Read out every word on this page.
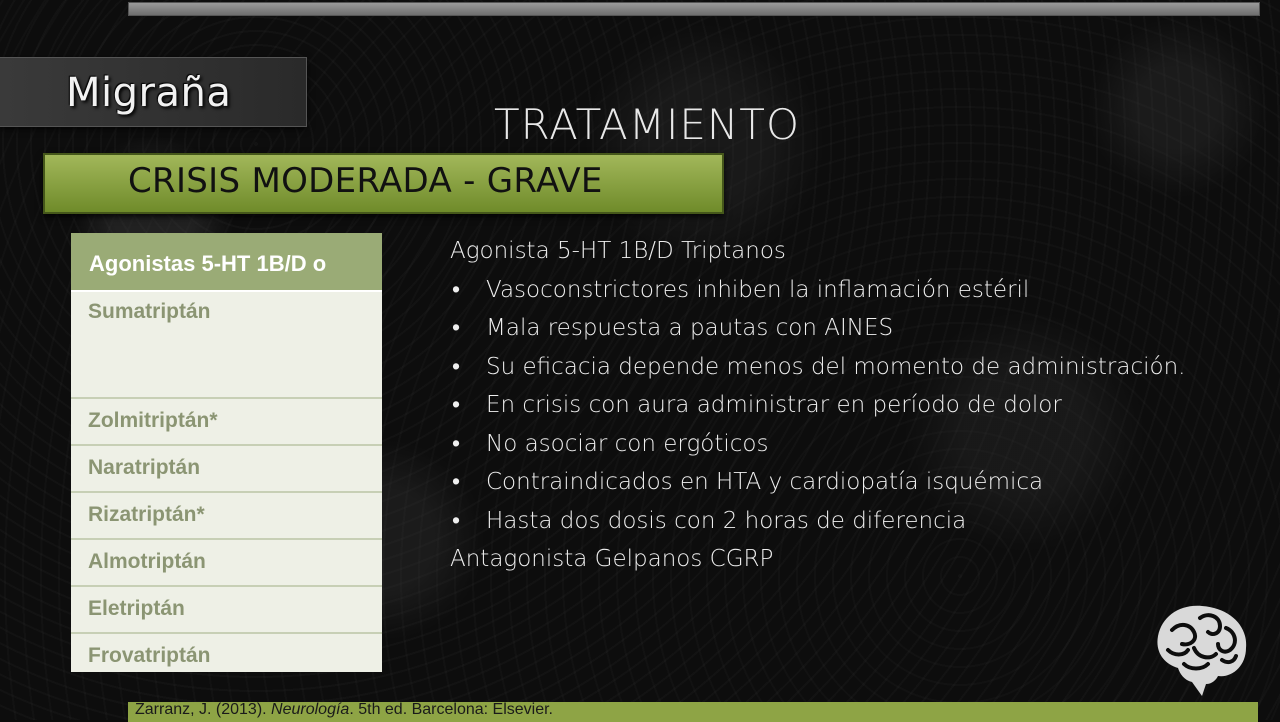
Migraña
TRATAMIENTO
CRISIS MODERADA - GRAVE
Agonistas 5-HT 1B/D o
Sumatriptán
Zolmitriptán*
Naratriptán
Rizatriptán*
Almotriptán
Eletriptán
Frovatriptán
Agonista 5-HT 1B/D Triptanos
• Vasoconstrictores inhiben la inflamación estéril
• Mala respuesta a pautas con AINES
• Su eficacia depende menos del momento de administración.
• En crisis con aura administrar en período de dolor
• No asociar con ergóticos
• Contraindicados en HTA y cardiopatía isquémica
• Hasta dos dosis con 2 horas de diferencia
Antagonista Gelpanos CGRP
Zarranz, J. (2013). Neurología. 5th ed. Barcelona: Elsevier.
